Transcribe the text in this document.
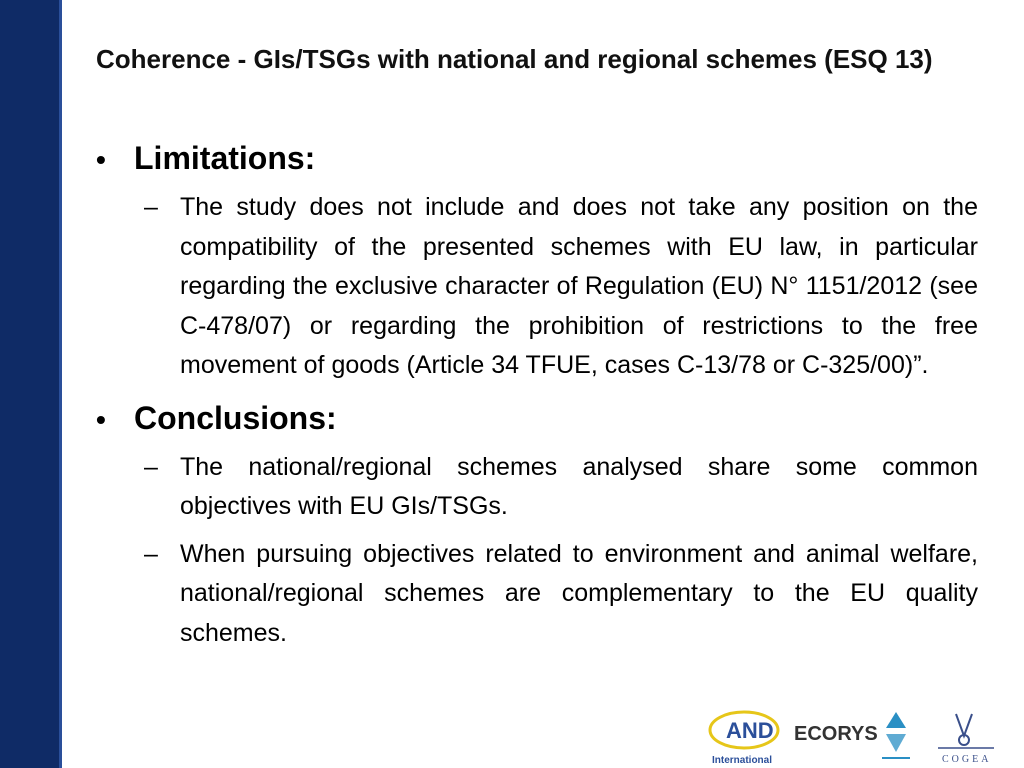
Coherence - GIs/TSGs with national and regional schemes (ESQ 13)
• Limitations:
– The study does not include and does not take any position on the compatibility of the presented schemes with EU law, in particular regarding the exclusive character of Regulation (EU) N° 1151/2012 (see C-478/07) or regarding the prohibition of restrictions to the free movement of goods (Article 34 TFUE, cases C-13/78 or C-325/00)”.
• Conclusions:
– The national/regional schemes analysed share some common objectives with EU GIs/TSGs.
– When pursuing objectives related to environment and animal welfare, national/regional schemes are complementary to the EU quality schemes.
AND
International
ECORYS
COGEA
